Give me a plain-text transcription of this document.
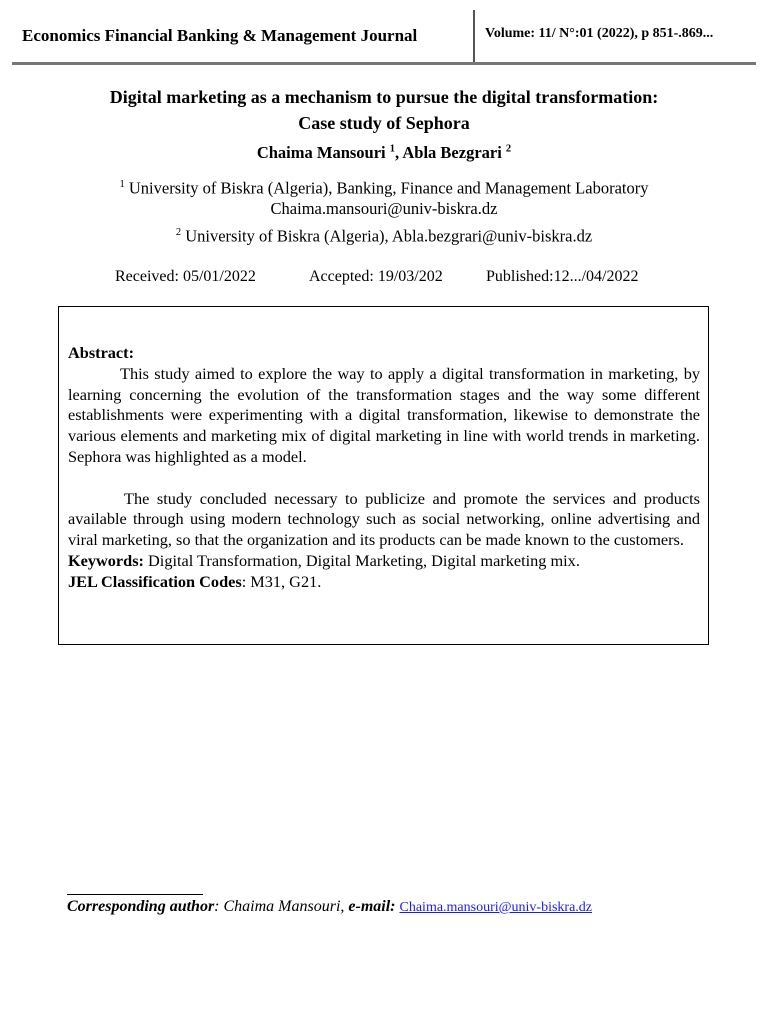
Economics Financial Banking & Management Journal	Volume: 11/ N°:01 (2022), p 851-.869...
Digital marketing as a mechanism to pursue the digital transformation:
Case study of Sephora
Chaima Mansouri $^1$, Abla Bezgrari $^2$
$^1$ University of Biskra (Algeria), Banking, Finance and Management Laboratory
Chaima.mansouri@univ-biskra.dz
$^2$ University of Biskra (Algeria), Abla.bezgrari@univ-biskra.dz
Received: 05/01/2022	Accepted: 19/03/202	Published:12.../04/2022

Abstract:

This study aimed to explore the way to apply a digital transformation in marketing, by learning concerning the evolution of the transformation stages and the way some different establishments were experimenting with a digital transformation, likewise to demonstrate the various elements and marketing mix of digital marketing in line with world trends in marketing. Sephora was highlighted as a model.

The study concluded necessary to publicize and promote the services and products available through using modern technology such as social networking, online advertising and viral marketing, so that the organization and its products can be made known to the customers.

Keywords: Digital Transformation, Digital Marketing, Digital marketing mix.

JEL Classification Codes: M31, G21.

Corresponding author: Chaima Mansouri, e-mail: Chaima.mansouri@univ-biskra.dz
